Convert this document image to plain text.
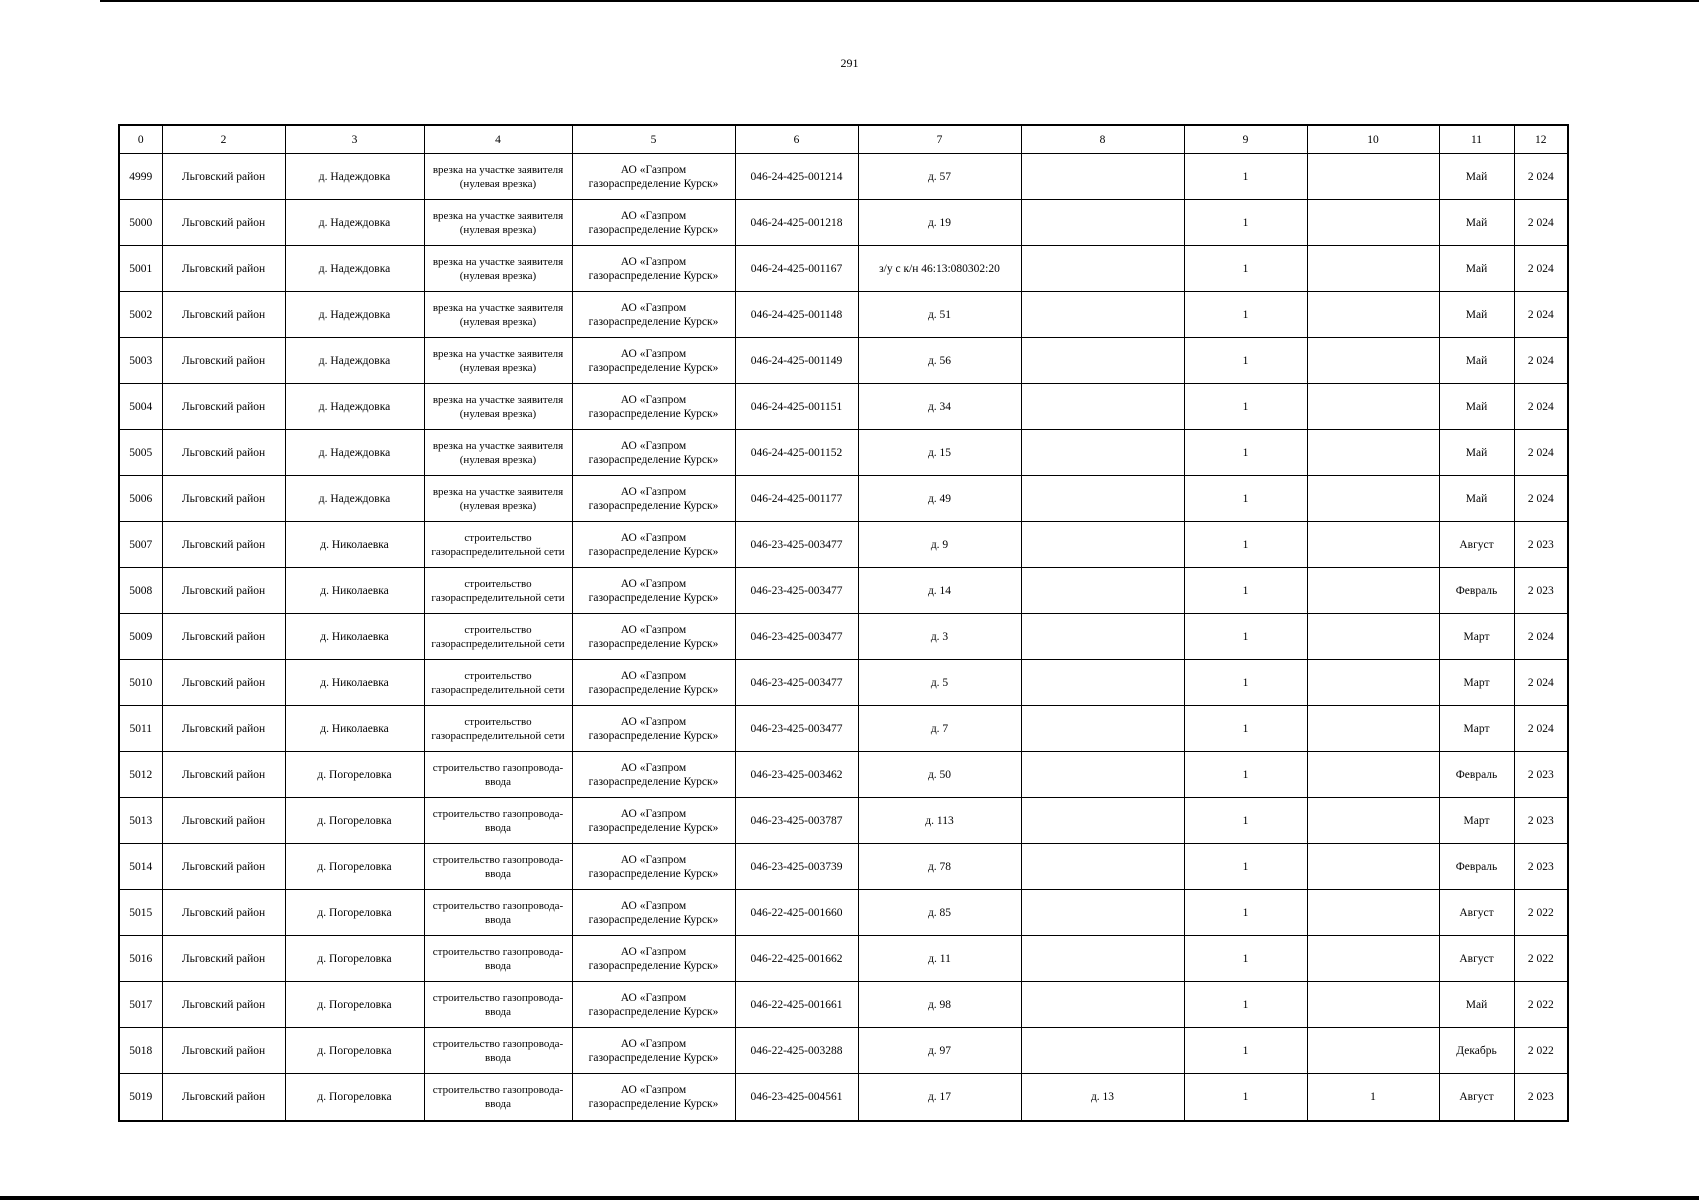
291
0	2	3	4	5	6	7	8	9	10	11	12
4999	Льговский район	д. Надеждовка	врезка на участке заявителя (нулевая врезка)	АО «Газпром газораспределение Курск»	046-24-425-001214	д. 57		1		Май	2 024
5000	Льговский район	д. Надеждовка	врезка на участке заявителя (нулевая врезка)	АО «Газпром газораспределение Курск»	046-24-425-001218	д. 19		1		Май	2 024
5001	Льговский район	д. Надеждовка	врезка на участке заявителя (нулевая врезка)	АО «Газпром газораспределение Курск»	046-24-425-001167	з/у с к/н 46:13:080302:20		1		Май	2 024
5002	Льговский район	д. Надеждовка	врезка на участке заявителя (нулевая врезка)	АО «Газпром газораспределение Курск»	046-24-425-001148	д. 51		1		Май	2 024
5003	Льговский район	д. Надеждовка	врезка на участке заявителя (нулевая врезка)	АО «Газпром газораспределение Курск»	046-24-425-001149	д. 56		1		Май	2 024
5004	Льговский район	д. Надеждовка	врезка на участке заявителя (нулевая врезка)	АО «Газпром газораспределение Курск»	046-24-425-001151	д. 34		1		Май	2 024
5005	Льговский район	д. Надеждовка	врезка на участке заявителя (нулевая врезка)	АО «Газпром газораспределение Курск»	046-24-425-001152	д. 15		1		Май	2 024
5006	Льговский район	д. Надеждовка	врезка на участке заявителя (нулевая врезка)	АО «Газпром газораспределение Курск»	046-24-425-001177	д. 49		1		Май	2 024
5007	Льговский район	д. Николаевка	строительство газораспределительной сети	АО «Газпром газораспределение Курск»	046-23-425-003477	д. 9		1		Август	2 023
5008	Льговский район	д. Николаевка	строительство газораспределительной сети	АО «Газпром газораспределение Курск»	046-23-425-003477	д. 14		1		Февраль	2 023
5009	Льговский район	д. Николаевка	строительство газораспределительной сети	АО «Газпром газораспределение Курск»	046-23-425-003477	д. 3		1		Март	2 024
5010	Льговский район	д. Николаевка	строительство газораспределительной сети	АО «Газпром газораспределение Курск»	046-23-425-003477	д. 5		1		Март	2 024
5011	Льговский район	д. Николаевка	строительство газораспределительной сети	АО «Газпром газораспределение Курск»	046-23-425-003477	д. 7		1		Март	2 024
5012	Льговский район	д. Погореловка	строительство газопровода-ввода	АО «Газпром газораспределение Курск»	046-23-425-003462	д. 50		1		Февраль	2 023
5013	Льговский район	д. Погореловка	строительство газопровода-ввода	АО «Газпром газораспределение Курск»	046-23-425-003787	д. 113		1		Март	2 023
5014	Льговский район	д. Погореловка	строительство газопровода-ввода	АО «Газпром газораспределение Курск»	046-23-425-003739	д. 78		1		Февраль	2 023
5015	Льговский район	д. Погореловка	строительство газопровода-ввода	АО «Газпром газораспределение Курск»	046-22-425-001660	д. 85		1		Август	2 022
5016	Льговский район	д. Погореловка	строительство газопровода-ввода	АО «Газпром газораспределение Курск»	046-22-425-001662	д. 11		1		Август	2 022
5017	Льговский район	д. Погореловка	строительство газопровода-ввода	АО «Газпром газораспределение Курск»	046-22-425-001661	д. 98		1		Май	2 022
5018	Льговский район	д. Погореловка	строительство газопровода-ввода	АО «Газпром газораспределение Курск»	046-22-425-003288	д. 97		1		Декабрь	2 022
5019	Льговский район	д. Погореловка	строительство газопровода-ввода	АО «Газпром газораспределение Курск»	046-23-425-004561	д. 17	д. 13	1	1	Август	2 023
